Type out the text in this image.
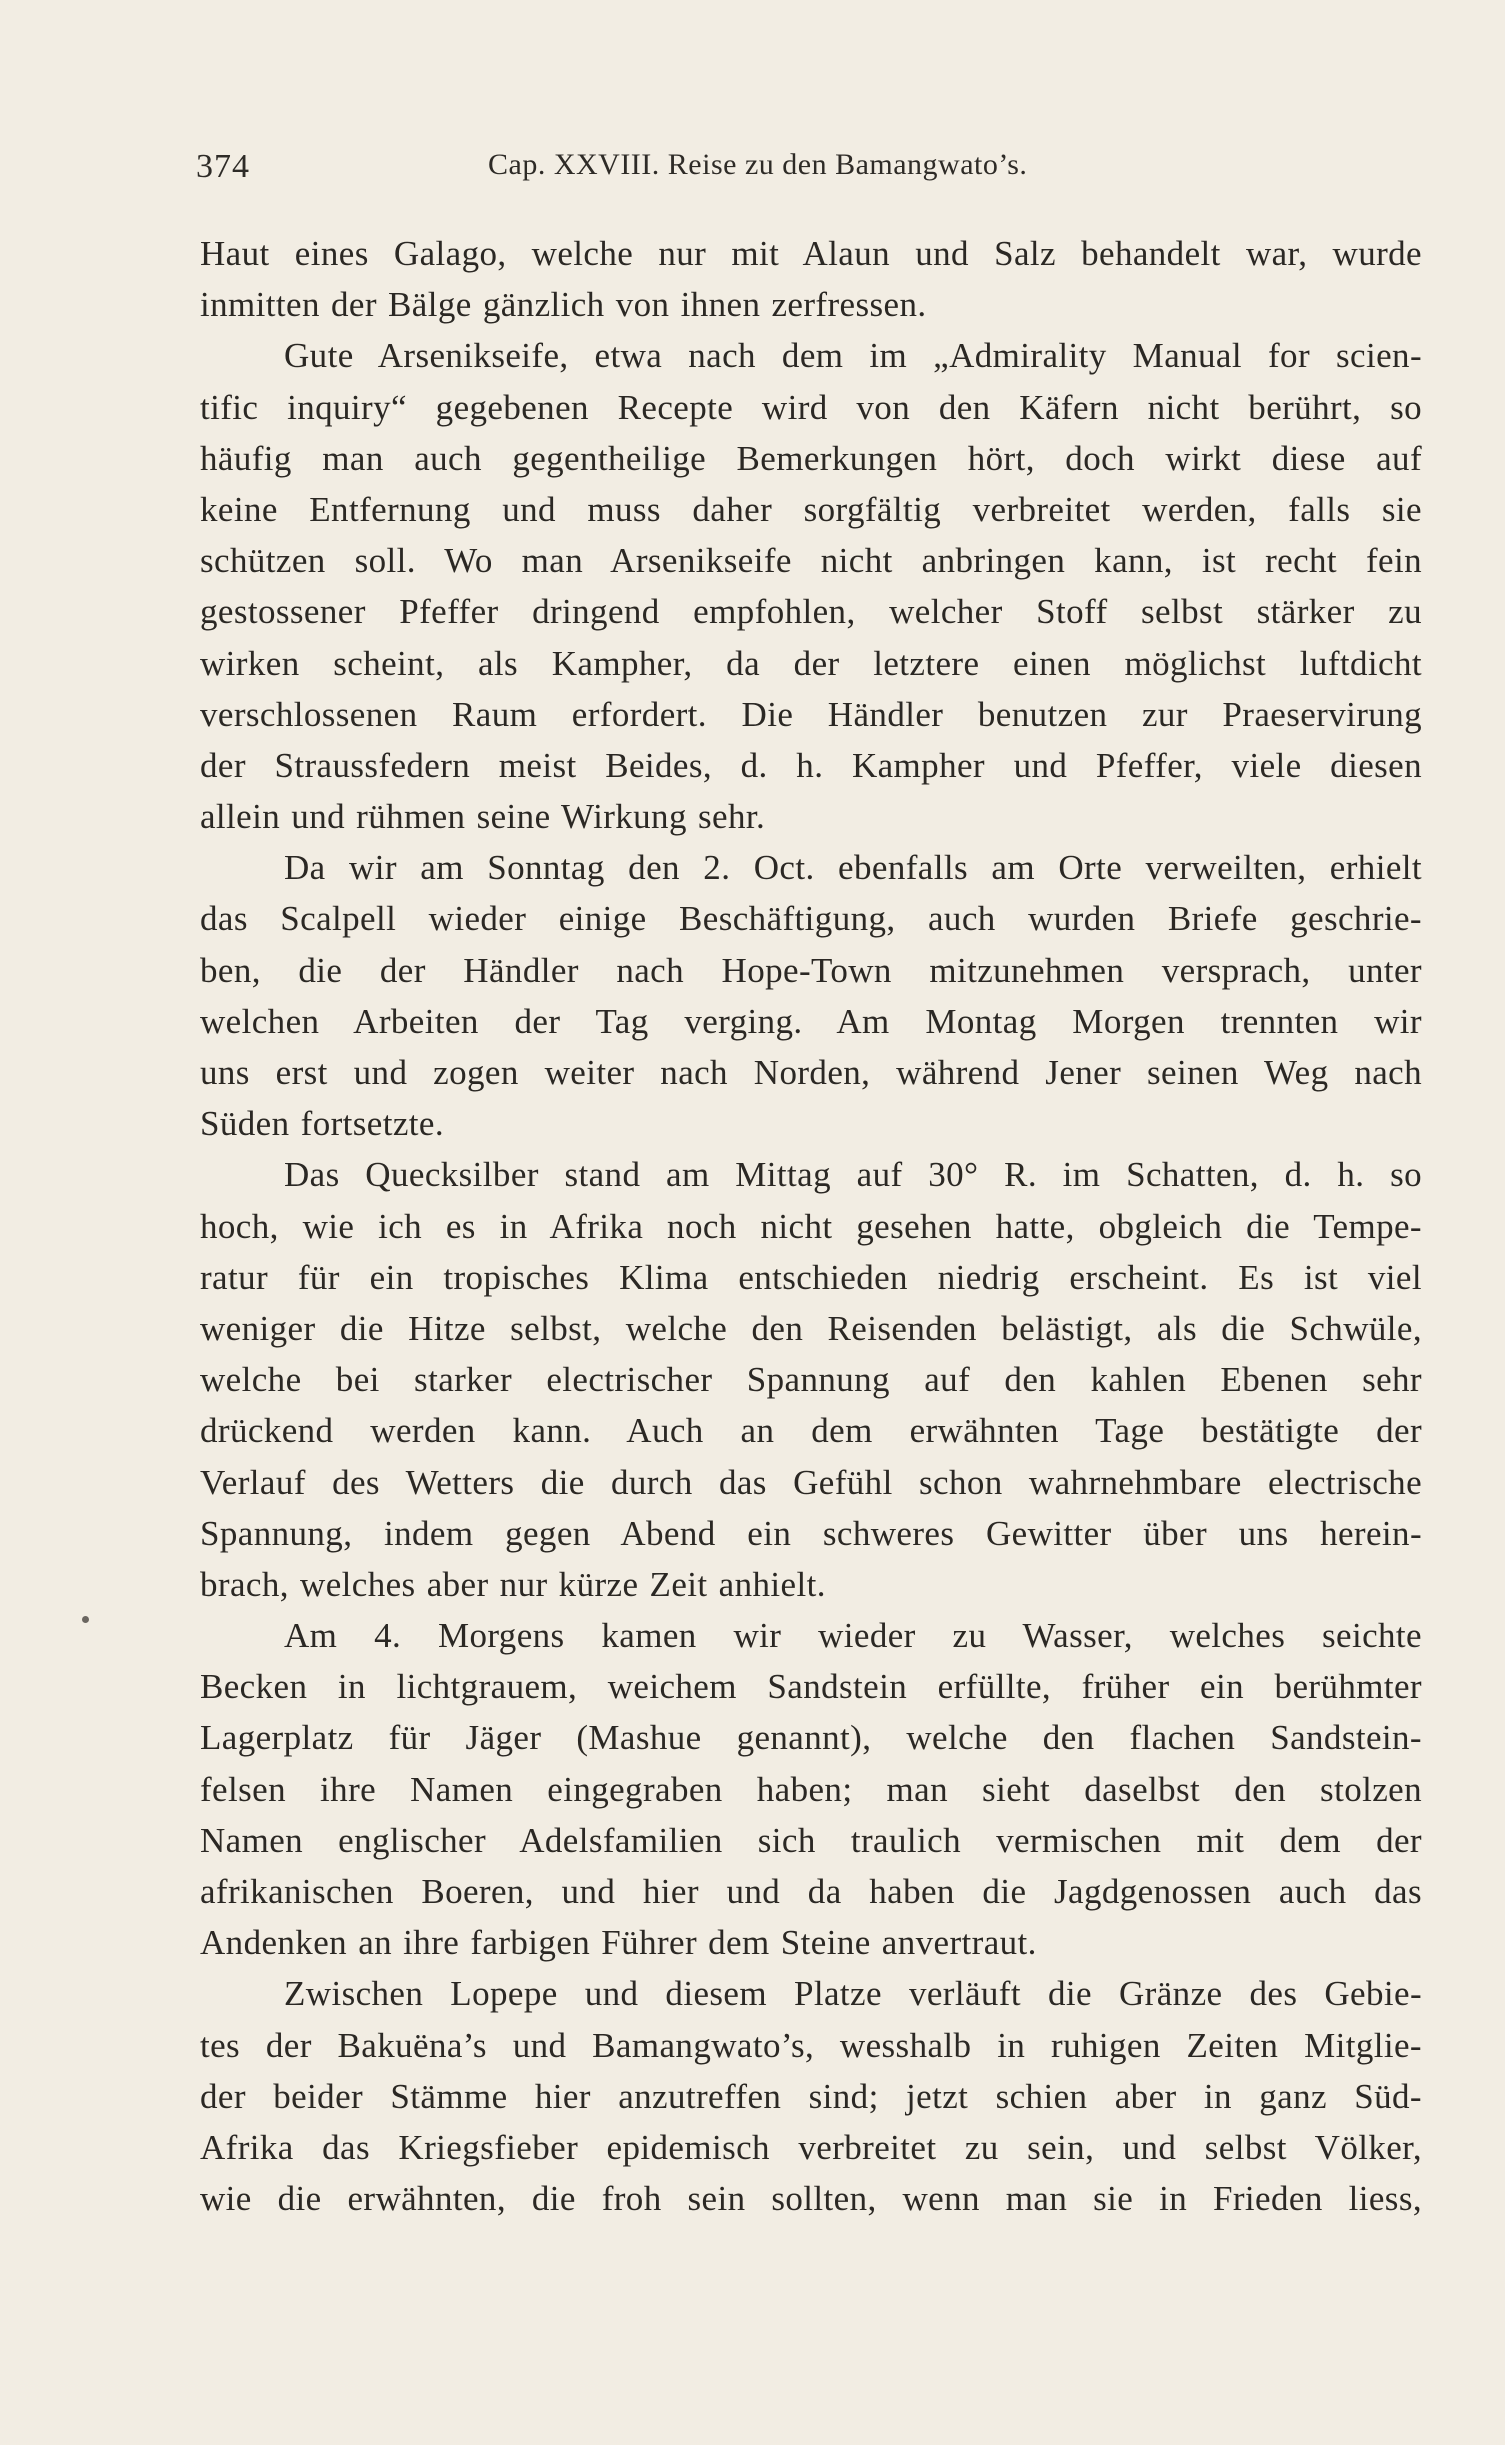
374	Cap. XXVIII. Reise zu den Bamangwato’s.
Haut eines Galago, welche nur mit Alaun und Salz behandelt war, wurde
inmitten der Bälge gänzlich von ihnen zerfressen.
Gute Arsenikseife, etwa nach dem im „Admirality Manual for scien-
tific inquiry“ gegebenen Recepte wird von den Käfern nicht berührt, so
häufig man auch gegentheilige Bemerkungen hört, doch wirkt diese auf
keine Entfernung und muss daher sorgfältig verbreitet werden, falls sie
schützen soll. Wo man Arsenikseife nicht anbringen kann, ist recht fein
gestossener Pfeffer dringend empfohlen, welcher Stoff selbst stärker zu
wirken scheint, als Kampher, da der letztere einen möglichst luftdicht
verschlossenen Raum erfordert. Die Händler benutzen zur Praeservirung
der Straussfedern meist Beides, d. h. Kampher und Pfeffer, viele diesen
allein und rühmen seine Wirkung sehr.
Da wir am Sonntag den 2. Oct. ebenfalls am Orte verweilten, erhielt
das Scalpell wieder einige Beschäftigung, auch wurden Briefe geschrie-
ben, die der Händler nach Hope-Town mitzunehmen versprach, unter
welchen Arbeiten der Tag verging. Am Montag Morgen trennten wir
uns erst und zogen weiter nach Norden, während Jener seinen Weg nach
Süden fortsetzte.
Das Quecksilber stand am Mittag auf 30° R. im Schatten, d. h. so
hoch, wie ich es in Afrika noch nicht gesehen hatte, obgleich die Tempe-
ratur für ein tropisches Klima entschieden niedrig erscheint. Es ist viel
weniger die Hitze selbst, welche den Reisenden belästigt, als die Schwüle,
welche bei starker electrischer Spannung auf den kahlen Ebenen sehr
drückend werden kann. Auch an dem erwähnten Tage bestätigte der
Verlauf des Wetters die durch das Gefühl schon wahrnehmbare electrische
Spannung, indem gegen Abend ein schweres Gewitter über uns herein-
brach, welches aber nur kürze Zeit anhielt.
Am 4. Morgens kamen wir wieder zu Wasser, welches seichte
Becken in lichtgrauem, weichem Sandstein erfüllte, früher ein berühmter
Lagerplatz für Jäger (Mashue genannt), welche den flachen Sandstein-
felsen ihre Namen eingegraben haben; man sieht daselbst den stolzen
Namen englischer Adelsfamilien sich traulich vermischen mit dem der
afrikanischen Boeren, und hier und da haben die Jagdgenossen auch das
Andenken an ihre farbigen Führer dem Steine anvertraut.
Zwischen Lopepe und diesem Platze verläuft die Gränze des Gebie-
tes der Bakuëna’s und Bamangwato’s, wesshalb in ruhigen Zeiten Mitglie-
der beider Stämme hier anzutreffen sind; jetzt schien aber in ganz Süd-
Afrika das Kriegsfieber epidemisch verbreitet zu sein, und selbst Völker,
wie die erwähnten, die froh sein sollten, wenn man sie in Frieden liess,
